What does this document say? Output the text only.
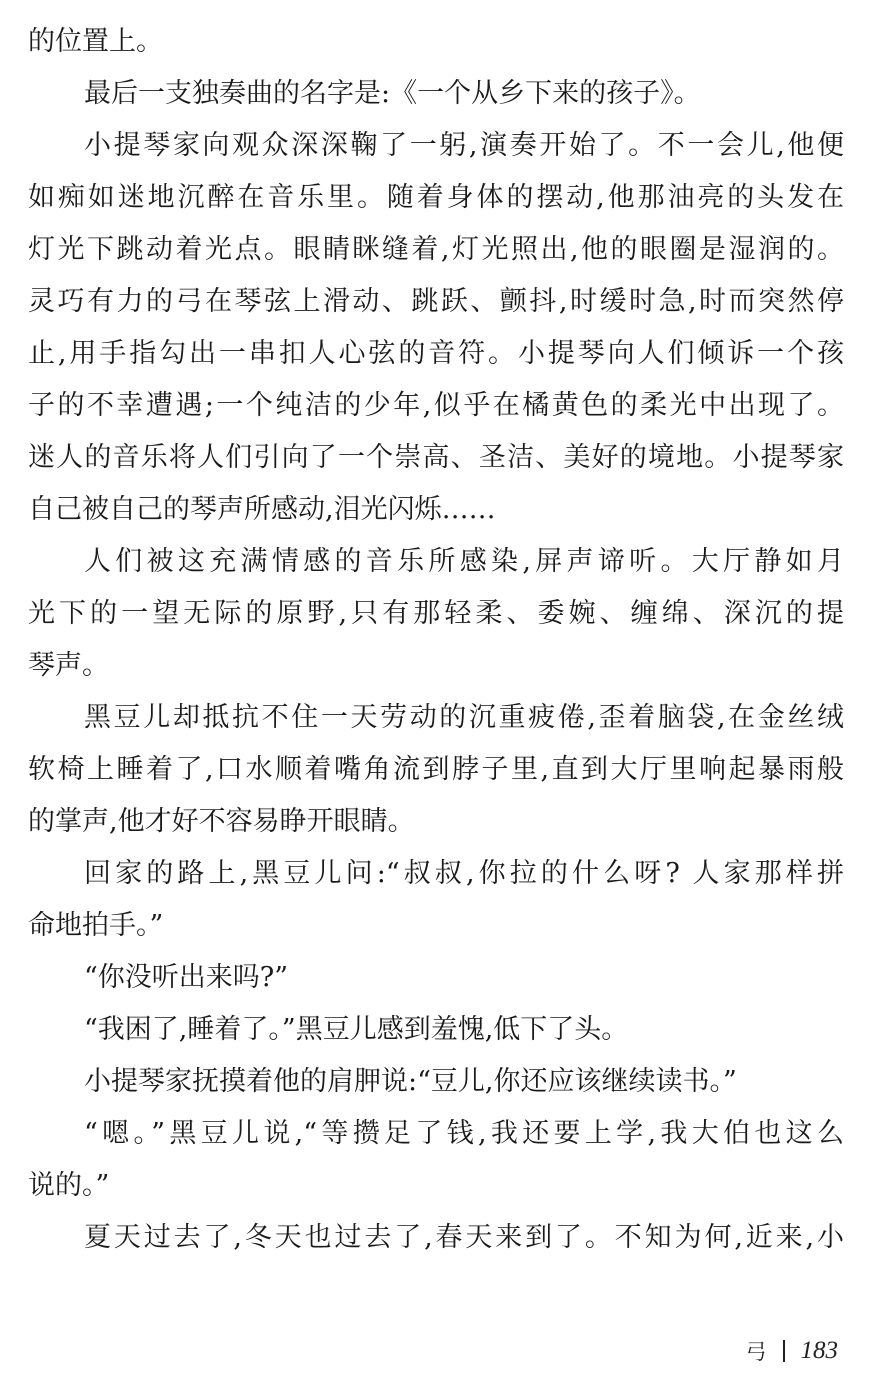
的位置上。
最后一支独奏曲的名字是:《一个从乡下来的孩子》。
小提琴家向观众深深鞠了一躬,演奏开始了。不一会儿,他便
如痴如迷地沉醉在音乐里。随着身体的摆动,他那油亮的头发在
灯光下跳动着光点。眼睛眯缝着,灯光照出,他的眼圈是湿润的。
灵巧有力的弓在琴弦上滑动、跳跃、颤抖,时缓时急,时而突然停
止,用手指勾出一串扣人心弦的音符。小提琴向人们倾诉一个孩
子的不幸遭遇;一个纯洁的少年,似乎在橘黄色的柔光中出现了。
迷人的音乐将人们引向了一个崇高、圣洁、美好的境地。小提琴家
自己被自己的琴声所感动,泪光闪烁……
人们被这充满情感的音乐所感染,屏声谛听。大厅静如月
光下的一望无际的原野,只有那轻柔、委婉、缠绵、深沉的提
琴声。
黑豆儿却抵抗不住一天劳动的沉重疲倦,歪着脑袋,在金丝绒
软椅上睡着了,口水顺着嘴角流到脖子里,直到大厅里响起暴雨般
的掌声,他才好不容易睁开眼睛。
回家的路上,黑豆儿问:“叔叔,你拉的什么呀? 人家那样拼
命地拍手。”
“你没听出来吗?”
“我困了,睡着了。”黑豆儿感到羞愧,低下了头。
小提琴家抚摸着他的肩胛说:“豆儿,你还应该继续读书。”
“嗯。”黑豆儿说,“等攒足了钱,我还要上学,我大伯也这么
说的。”
夏天过去了,冬天也过去了,春天来到了。不知为何,近来,小
弓 183
